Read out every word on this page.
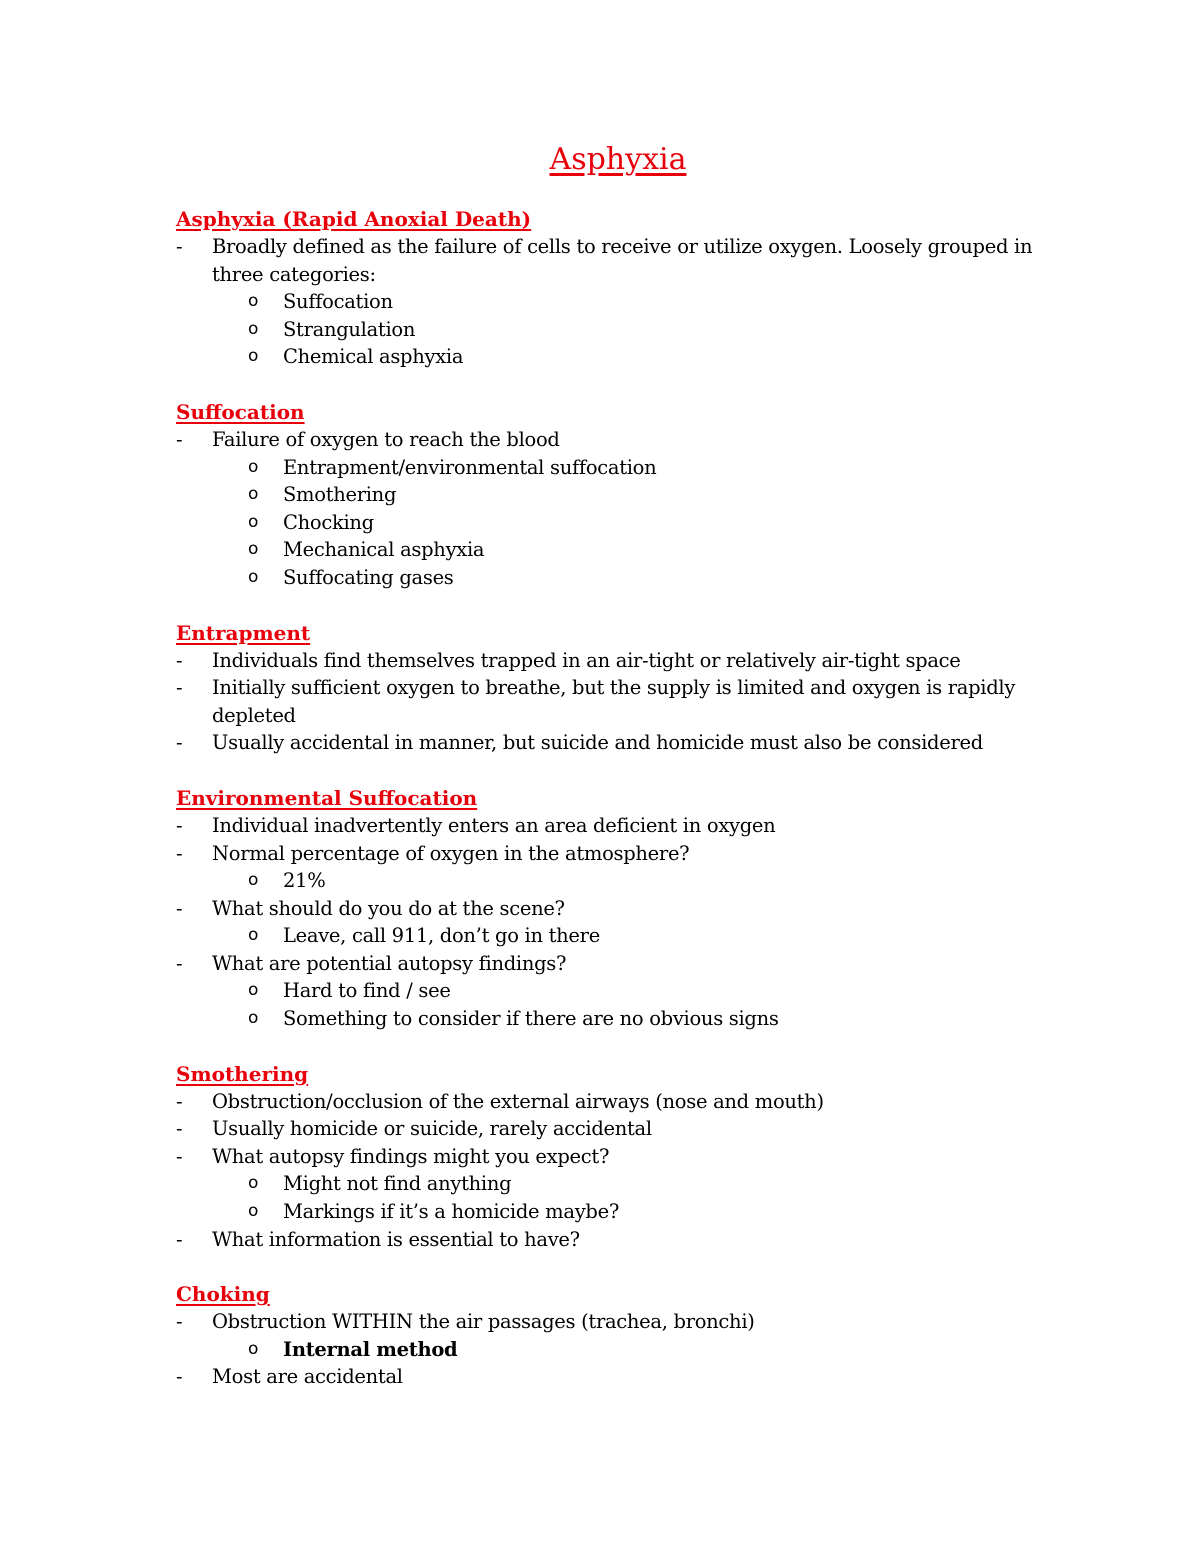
Asphyxia
Asphyxia (Rapid Anoxial Death)
- Broadly defined as the failure of cells to receive or utilize oxygen. Loosely grouped in three categories:
o Suffocation
o Strangulation
o Chemical asphyxia
Suffocation
- Failure of oxygen to reach the blood
o Entrapment/environmental suffocation
o Smothering
o Chocking
o Mechanical asphyxia
o Suffocating gases
Entrapment
- Individuals find themselves trapped in an air-tight or relatively air-tight space
- Initially sufficient oxygen to breathe, but the supply is limited and oxygen is rapidly depleted
- Usually accidental in manner, but suicide and homicide must also be considered
Environmental Suffocation
- Individual inadvertently enters an area deficient in oxygen
- Normal percentage of oxygen in the atmosphere?
o 21%
- What should do you do at the scene?
o Leave, call 911, don’t go in there
- What are potential autopsy findings?
o Hard to find / see
o Something to consider if there are no obvious signs
Smothering
- Obstruction/occlusion of the external airways (nose and mouth)
- Usually homicide or suicide, rarely accidental
- What autopsy findings might you expect?
o Might not find anything
o Markings if it’s a homicide maybe?
- What information is essential to have?
Choking
- Obstruction WITHIN the air passages (trachea, bronchi)
o Internal method
- Most are accidental
